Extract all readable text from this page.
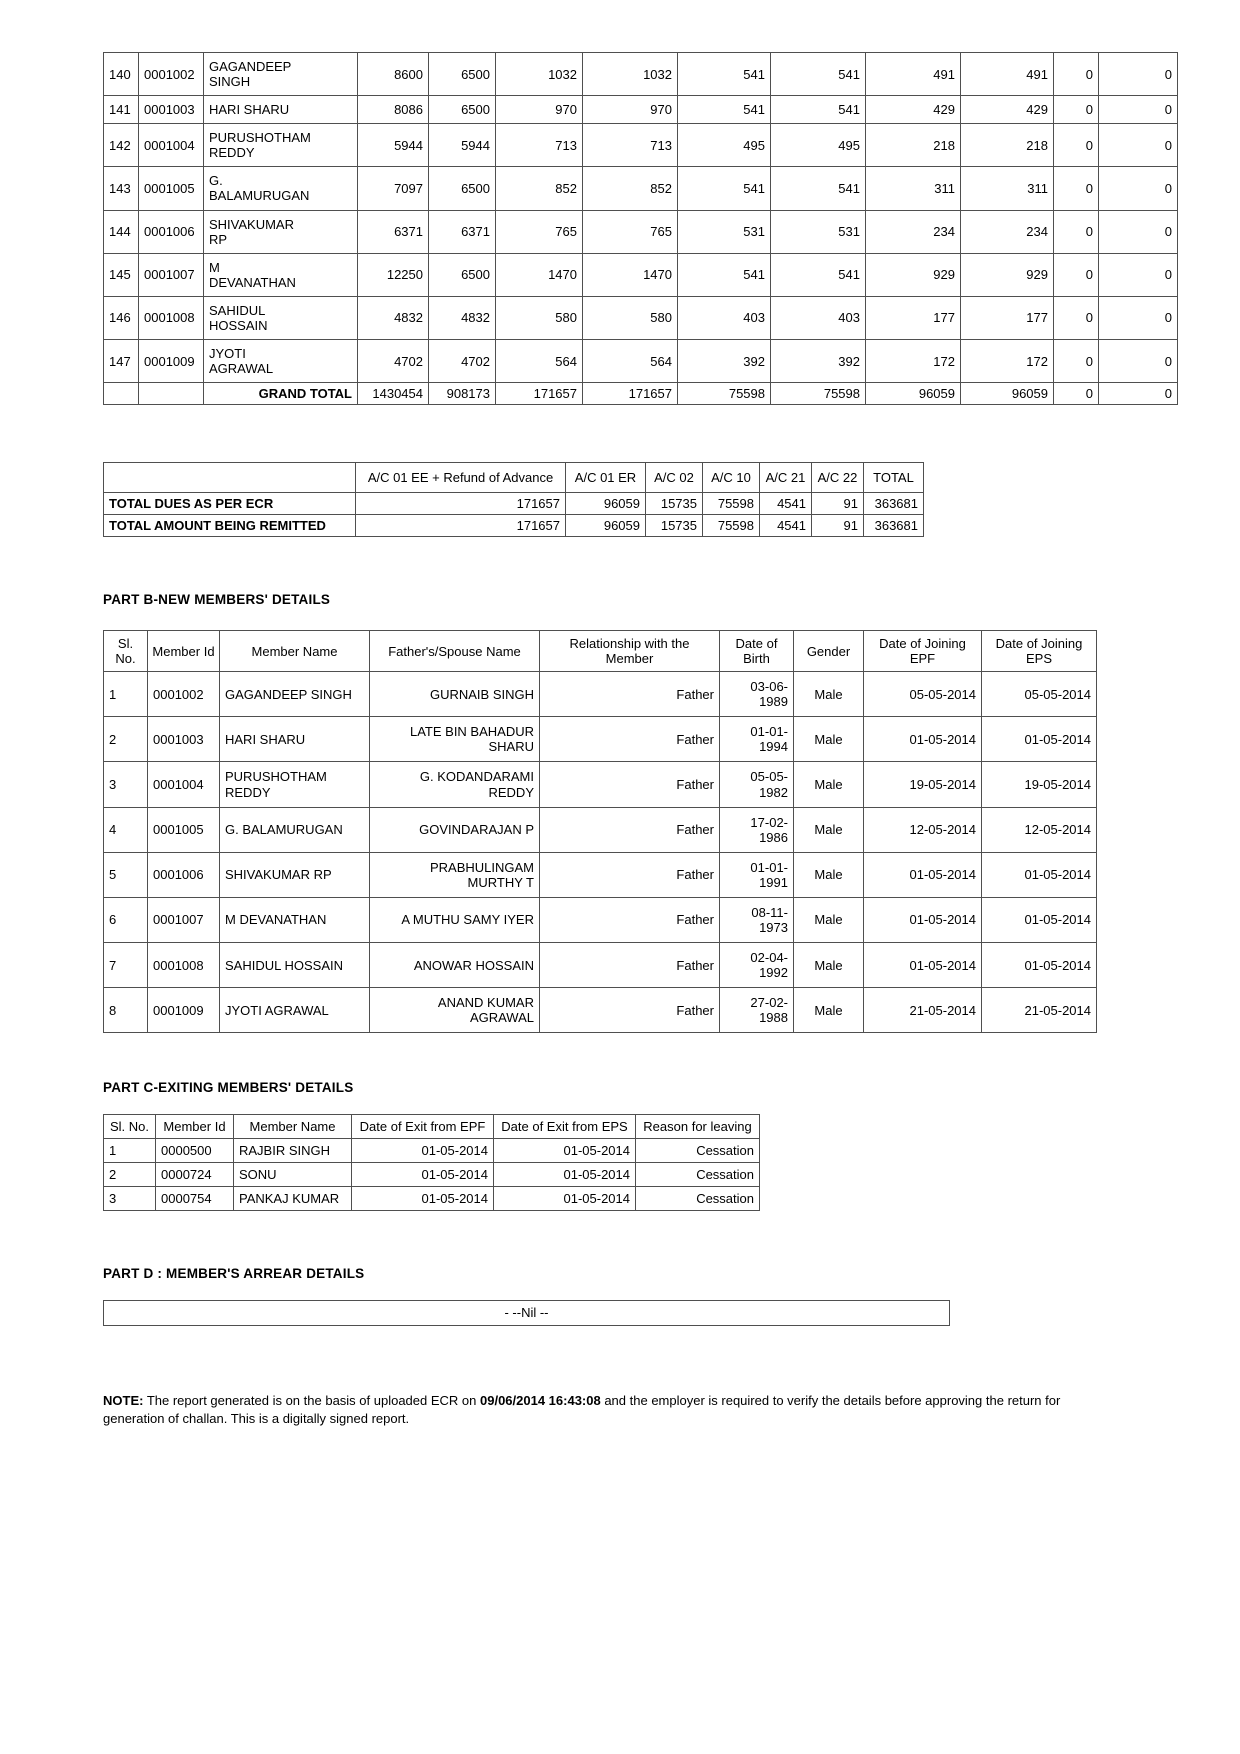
140	0001002	GAGANDEEP SINGH	8600	6500	1032	1032	541	541	491	491	0	0
141	0001003	HARI SHARU	8086	6500	970	970	541	541	429	429	0	0
142	0001004	PURUSHOTHAM REDDY	5944	5944	713	713	495	495	218	218	0	0
143	0001005	G. BALAMURUGAN	7097	6500	852	852	541	541	311	311	0	0
144	0001006	SHIVAKUMAR RP	6371	6371	765	765	531	531	234	234	0	0
145	0001007	M DEVANATHAN	12250	6500	1470	1470	541	541	929	929	0	0
146	0001008	SAHIDUL HOSSAIN	4832	4832	580	580	403	403	177	177	0	0
147	0001009	JYOTI AGRAWAL	4702	4702	564	564	392	392	172	172	0	0
		GRAND TOTAL	1430454	908173	171657	171657	75598	75598	96059	96059	0	0
	A/C 01 EE + Refund of Advance	A/C 01 ER	A/C 02	A/C 10	A/C 21	A/C 22	TOTAL
TOTAL DUES AS PER ECR	171657	96059	15735	75598	4541	91	363681
TOTAL AMOUNT BEING REMITTED	171657	96059	15735	75598	4541	91	363681
PART B-NEW MEMBERS' DETAILS
Sl. No.	Member Id	Member Name	Father's/Spouse Name	Relationship with the Member	Date of Birth	Gender	Date of Joining EPF	Date of Joining EPS
1	0001002	GAGANDEEP SINGH	GURNAIB SINGH	Father	03-06-1989	Male	05-05-2014	05-05-2014
2	0001003	HARI SHARU	LATE BIN BAHADUR SHARU	Father	01-01-1994	Male	01-05-2014	01-05-2014
3	0001004	PURUSHOTHAM REDDY	G. KODANDARAMI REDDY	Father	05-05-1982	Male	19-05-2014	19-05-2014
4	0001005	G. BALAMURUGAN	GOVINDARAJAN P	Father	17-02-1986	Male	12-05-2014	12-05-2014
5	0001006	SHIVAKUMAR RP	PRABHULINGAM MURTHY T	Father	01-01-1991	Male	01-05-2014	01-05-2014
6	0001007	M DEVANATHAN	A MUTHU SAMY IYER	Father	08-11-1973	Male	01-05-2014	01-05-2014
7	0001008	SAHIDUL HOSSAIN	ANOWAR HOSSAIN	Father	02-04-1992	Male	01-05-2014	01-05-2014
8	0001009	JYOTI AGRAWAL	ANAND KUMAR AGRAWAL	Father	27-02-1988	Male	21-05-2014	21-05-2014
PART C-EXITING MEMBERS' DETAILS
Sl. No.	Member Id	Member Name	Date of Exit from EPF	Date of Exit from EPS	Reason for leaving
1	0000500	RAJBIR SINGH	01-05-2014	01-05-2014	Cessation
2	0000724	SONU	01-05-2014	01-05-2014	Cessation
3	0000754	PANKAJ KUMAR	01-05-2014	01-05-2014	Cessation
PART D : MEMBER'S ARREAR DETAILS
- --Nil --
NOTE: The report generated is on the basis of uploaded ECR on 09/06/2014 16:43:08 and the employer is required to verify the details before approving the return for generation of challan. This is a digitally signed report.
